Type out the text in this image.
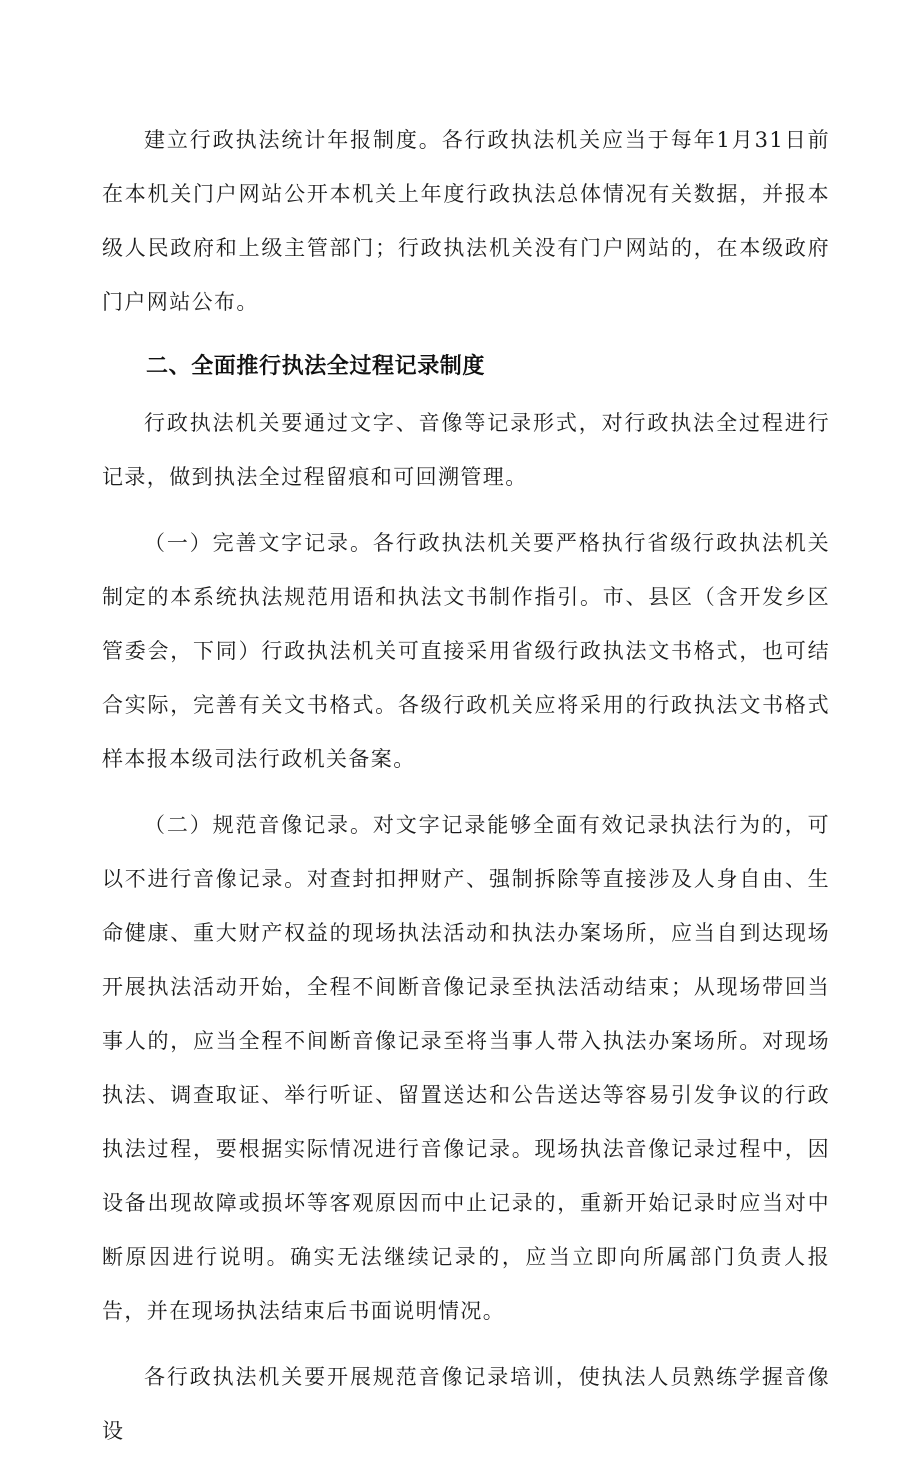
建立行政执法统计年报制度。各行政执法机关应当于每年1月31日前在本机关门户网站公开本机关上年度行政执法总体情况有关数据，并报本级人民政府和上级主管部门；行政执法机关没有门户网站的，在本级政府门户网站公布。

二、全面推行执法全过程记录制度

行政执法机关要通过文字、音像等记录形式，对行政执法全过程进行记录，做到执法全过程留痕和可回溯管理。

（一）完善文字记录。各行政执法机关要严格执行省级行政执法机关制定的本系统执法规范用语和执法文书制作指引。市、县区（含开发乡区管委会，下同）行政执法机关可直接采用省级行政执法文书格式，也可结合实际，完善有关文书格式。各级行政机关应将采用的行政执法文书格式样本报本级司法行政机关备案。

（二）规范音像记录。对文字记录能够全面有效记录执法行为的，可以不进行音像记录。对查封扣押财产、强制拆除等直接涉及人身自由、生命健康、重大财产权益的现场执法活动和执法办案场所，应当自到达现场开展执法活动开始，全程不间断音像记录至执法活动结束；从现场带回当事人的，应当全程不间断音像记录至将当事人带入执法办案场所。对现场执法、调查取证、举行听证、留置送达和公告送达等容易引发争议的行政执法过程，要根据实际情况进行音像记录。现场执法音像记录过程中，因设备出现故障或损坏等客观原因而中止记录的，重新开始记录时应当对中断原因进行说明。确实无法继续记录的，应当立即向所属部门负责人报告，并在现场执法结束后书面说明情况。

各行政执法机关要开展规范音像记录培训，使执法人员熟练学握音像设
